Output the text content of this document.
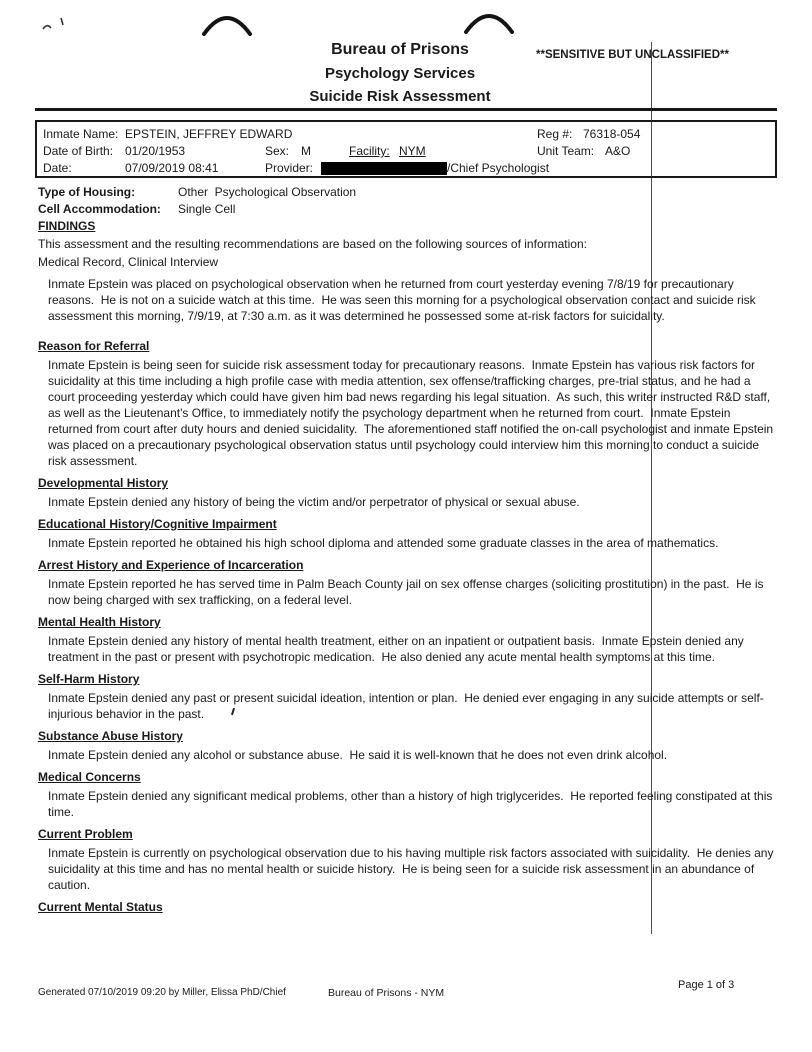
**SENSITIVE BUT UNCLASSIFIED**
Bureau of Prisons
Psychology Services
Suicide Risk Assessment
Inmate Name: EPSTEIN, JEFFREY EDWARD	Reg #: 76318-054
Date of Birth: 01/20/1953	Sex: M	Facility: NYM	Unit Team: A&O
Date:	07/09/2019 08:41	Provider:	/Chief Psychologist
Type of Housing:	Other  Psychological Observation
Cell Accommodation: Single Cell
FINDINGS
This assessment and the resulting recommendations are based on the following sources of information:
Medical Record, Clinical Interview
Inmate Epstein was placed on psychological observation when he returned from court yesterday evening 7/8/19 for precautionary reasons.  He is not on a suicide watch at this time.  He was seen this morning for a psychological observation contact and suicide risk assessment this morning, 7/9/19, at 7:30 a.m. as it was determined he possessed some at-risk factors for suicidality.
Reason for Referral
Inmate Epstein is being seen for suicide risk assessment today for precautionary reasons.  Inmate Epstein has various risk factors for suicidality at this time including a high profile case with media attention, sex offense/trafficking charges, pre-trial status, and he had a court proceeding yesterday which could have given him bad news regarding his legal situation.  As such, this writer instructed R&D staff, as well as the Lieutenant's Office, to immediately notify the psychology department when he returned from court.  Inmate Epstein returned from court after duty hours and denied suicidality.  The aforementioned staff notified the on-call psychologist and inmate Epstein was placed on a precautionary psychological observation status until psychology could interview him this morning to conduct a suicide risk assessment.
Developmental History
Inmate Epstein denied any history of being the victim and/or perpetrator of physical or sexual abuse.
Educational History/Cognitive Impairment
Inmate Epstein reported he obtained his high school diploma and attended some graduate classes in the area of mathematics.
Arrest History and Experience of Incarceration
Inmate Epstein reported he has served time in Palm Beach County jail on sex offense charges (soliciting prostitution) in the past.  He is now being charged with sex trafficking, on a federal level.
Mental Health History
Inmate Epstein denied any history of mental health treatment, either on an inpatient or outpatient basis.  Inmate Epstein denied any treatment in the past or present with psychotropic medication.  He also denied any acute mental health symptoms at this time.
Self-Harm History
Inmate Epstein denied any past or present suicidal ideation, intention or plan.  He denied ever engaging in any suicide attempts or self-injurious behavior in the past.
Substance Abuse History
Inmate Epstein denied any alcohol or substance abuse.  He said it is well-known that he does not even drink alcohol.
Medical Concerns
Inmate Epstein denied any significant medical problems, other than a history of high triglycerides.  He reported feeling constipated at this time.
Current Problem
Inmate Epstein is currently on psychological observation due to his having multiple risk factors associated with suicidality.  He denies any suicidality at this time and has no mental health or suicide history.  He is being seen for a suicide risk assessment in an abundance of caution.
Current Mental Status
Generated 07/10/2019 09:20 by Miller, Elissa PhD/Chief	Bureau of Prisons - NYM
Page 1 of 3
